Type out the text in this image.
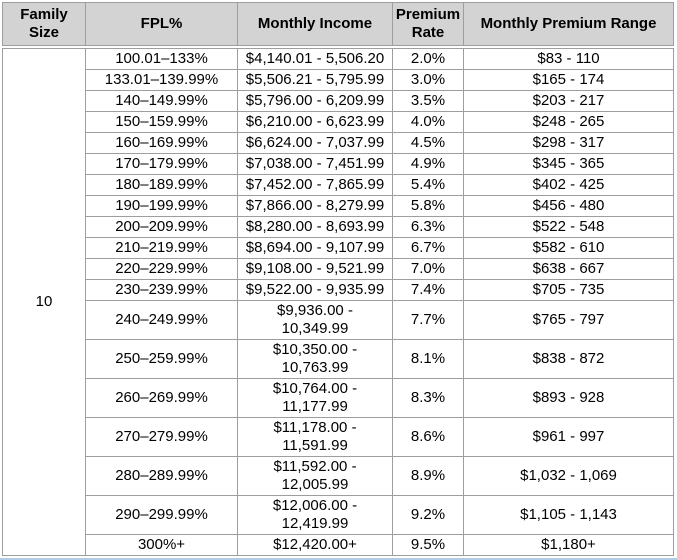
Family Size	FPL%	Monthly Income	Premium Rate	Monthly Premium Range

10	100.01–133%	$4,140.01 - 5,506.20	2.0%	$83 - 110
	133.01–139.99%	$5,506.21 - 5,795.99	3.0%	$165 - 174
	140–149.99%	$5,796.00 - 6,209.99	3.5%	$203 - 217
	150–159.99%	$6,210.00 - 6,623.99	4.0%	$248 - 265
	160–169.99%	$6,624.00 - 7,037.99	4.5%	$298 - 317
	170–179.99%	$7,038.00 - 7,451.99	4.9%	$345 - 365
	180–189.99%	$7,452.00 - 7,865.99	5.4%	$402 - 425
	190–199.99%	$7,866.00 - 8,279.99	5.8%	$456 - 480
	200–209.99%	$8,280.00 - 8,693.99	6.3%	$522 - 548
	210–219.99%	$8,694.00 - 9,107.99	6.7%	$582 - 610
	220–229.99%	$9,108.00 - 9,521.99	7.0%	$638 - 667
	230–239.99%	$9,522.00 - 9,935.99	7.4%	$705 - 735
	240–249.99%	$9,936.00 - 10,349.99	7.7%	$765 - 797
	250–259.99%	$10,350.00 - 10,763.99	8.1%	$838 - 872
	260–269.99%	$10,764.00 - 11,177.99	8.3%	$893 - 928
	270–279.99%	$11,178.00 - 11,591.99	8.6%	$961 - 997
	280–289.99%	$11,592.00 - 12,005.99	8.9%	$1,032 - 1,069
	290–299.99%	$12,006.00 - 12,419.99	9.2%	$1,105 - 1,143
	300%+	$12,420.00+	9.5%	$1,180+
